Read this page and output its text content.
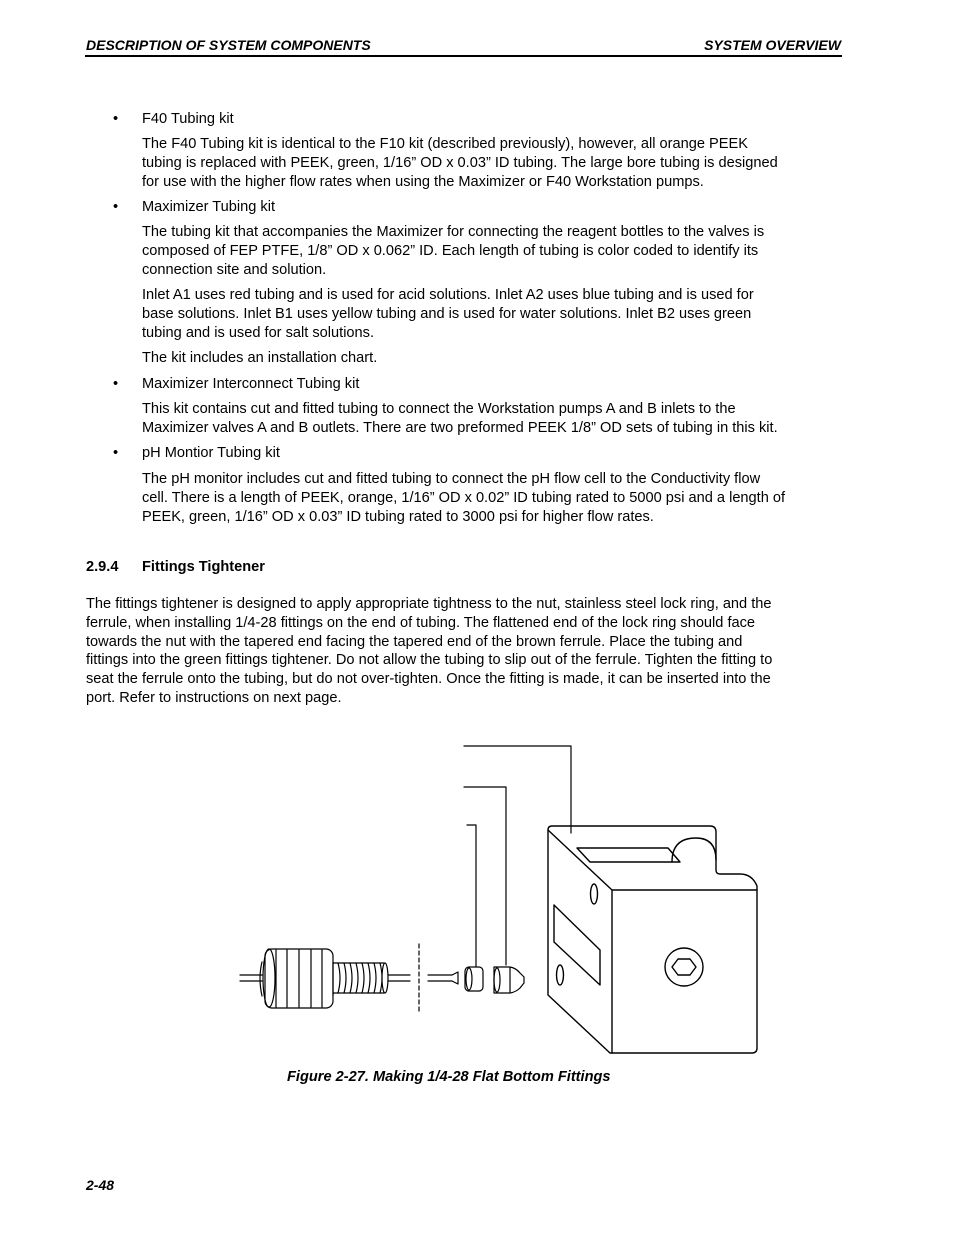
DESCRIPTION OF SYSTEM COMPONENTS	SYSTEM OVERVIEW
• F40 Tubing kit
The F40 Tubing kit is identical to the F10 kit (described previously), however, all orange PEEK
tubing is replaced with PEEK, green, 1/16” OD x 0.03” ID tubing. The large bore tubing is designed
for use with the higher flow rates when using the Maximizer or F40 Workstation pumps.
• Maximizer Tubing kit
The tubing kit that accompanies the Maximizer for connecting the reagent bottles to the valves is
composed of FEP PTFE, 1/8” OD x 0.062” ID. Each length of tubing is color coded to identify its
connection site and solution.
Inlet A1 uses red tubing and is used for acid solutions. Inlet A2 uses blue tubing and is used for
base solutions. Inlet B1 uses yellow tubing and is used for water solutions. Inlet B2 uses green
tubing and is used for salt solutions.
The kit includes an installation chart.
• Maximizer Interconnect Tubing kit
This kit contains cut and fitted tubing to connect the Workstation pumps A and B inlets to the
Maximizer valves A and B outlets. There are two preformed PEEK 1/8” OD sets of tubing in this kit.
• pH Montior Tubing kit
The pH monitor includes cut and fitted tubing to connect the pH flow cell to the Conductivity flow
cell. There is a length of PEEK, orange, 1/16” OD x 0.02” ID tubing rated to 5000 psi and a length of
PEEK, green, 1/16” OD x 0.03” ID tubing rated to 3000 psi for higher flow rates.
2.9.4 Fittings Tightener
The fittings tightener is designed to apply appropriate tightness to the nut, stainless steel lock ring, and the
ferrule, when installing 1/4-28 fittings on the end of tubing. The flattened end of the lock ring should face
towards the nut with the tapered end facing the tapered end of the brown ferrule. Place the tubing and
fittings into the green fittings tightener. Do not allow the tubing to slip out of the ferrule. Tighten the fitting to
seat the ferrule onto the tubing, but do not over-tighten. Once the fitting is made, it can be inserted into the
port. Refer to instructions on next page.
Figure 2-27. Making 1/4-28 Flat Bottom Fittings
2-48
